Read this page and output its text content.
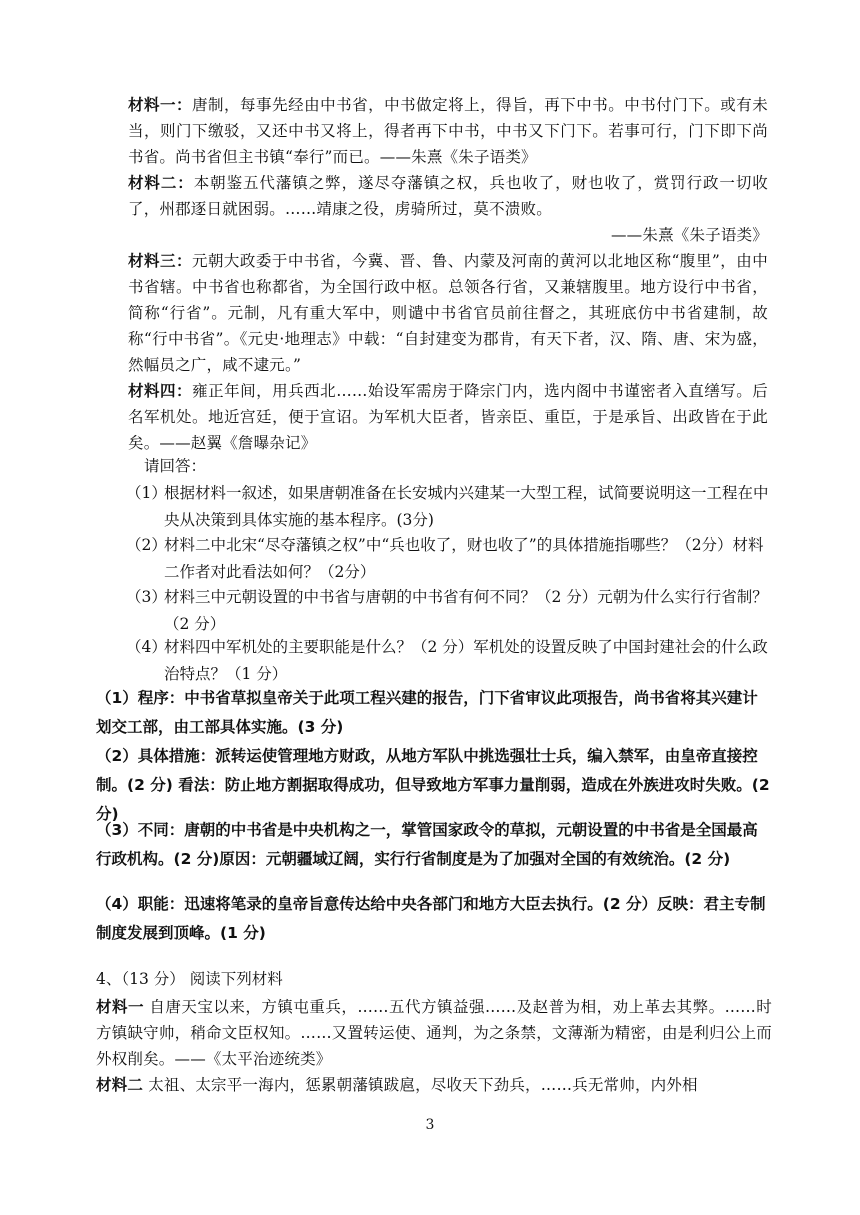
材料一：唐制，每事先经由中书省，中书做定将上，得旨，再下中书。中书付门下。或有未当，则门下缴驳，又还中书又将上，得者再下中书，中书又下门下。若事可行，门下即下尚书省。尚书省但主书镇“奉行”而已。——朱熹《朱子语类》
材料二：本朝鉴五代藩镇之弊，遂尽夺藩镇之权，兵也收了，财也收了，赏罚行政一切收了，州郡逐日就困弱。……靖康之役，虏骑所过，莫不溃败。
——朱熹《朱子语类》
材料三：元朝大政委于中书省，今冀、晋、鲁、内蒙及河南的黄河以北地区称“腹里”，由中书省辖。中书省也称都省，为全国行政中枢。总领各行省，又兼辖腹里。地方设行中书省，简称“行省”。元制，凡有重大军中，则谴中书省官员前往督之，其班底仿中书省建制，故称“行中书省”。《元史·地理志》中载：“自封建变为郡肯，有天下者，汉、隋、唐、宋为盛，然幅员之广，咸不逮元。”
材料四：雍正年间，用兵西北……始设军需房于降宗门内，选内阁中书谨密者入直缮写。后名军机处。地近宫廷，便于宣诏。为军机大臣者，皆亲臣、重臣，于是承旨、出政皆在于此矣。——赵翼《詹曝杂记》
请回答：
（1）
根据材料一叙述，如果唐朝准备在长安城内兴建某一大型工程，试简要说明这一工程在中央从决策到具体实施的基本程序。(3分)
（2）
材料二中北宋“尽夺藩镇之权”中“兵也收了，财也收了”的具体措施指哪些？（2分）材料二作者对此看法如何？（2分）
（3）
材料三中元朝设置的中书省与唐朝的中书省有何不同？（2 分）元朝为什么实行行省制？（2 分）
（4）
材料四中军机处的主要职能是什么？（2 分）军机处的设置反映了中国封建社会的什么政治特点？（1 分）
（1）程序：中书省草拟皇帝关于此项工程兴建的报告，门下省审议此项报告，尚书省将其兴建计划交工部，由工部具体实施。(3 分)
（2）具体措施：派转运使管理地方财政，从地方军队中挑选强壮士兵，编入禁军，由皇帝直接控制。(2 分) 看法：防止地方割据取得成功，但导致地方军事力量削弱，造成在外族进攻时失败。(2 分)
（3）不同：唐朝的中书省是中央机构之一，掌管国家政令的草拟，元朝设置的中书省是全国最高行政机构。(2 分)原因：元朝疆域辽阔，实行行省制度是为了加强对全国的有效统治。(2 分)
（4）职能：迅速将笔录的皇帝旨意传达给中央各部门和地方大臣去执行。(2 分）反映：君主专制制度发展到顶峰。(1 分)
4、（13 分） 阅读下列材料
材料一 自唐天宝以来，方镇屯重兵，……五代方镇益强……及赵普为相，劝上革去其弊。……时方镇缺守帅，稍命文臣权知。……又置转运使、通判，为之条禁，文薄渐为精密，由是利归公上而外权削矣。——《太平治迹统类》
材料二 太祖、太宗平一海内，惩累朝藩镇跋扈，尽收天下劲兵，……兵无常帅，内外相
3
